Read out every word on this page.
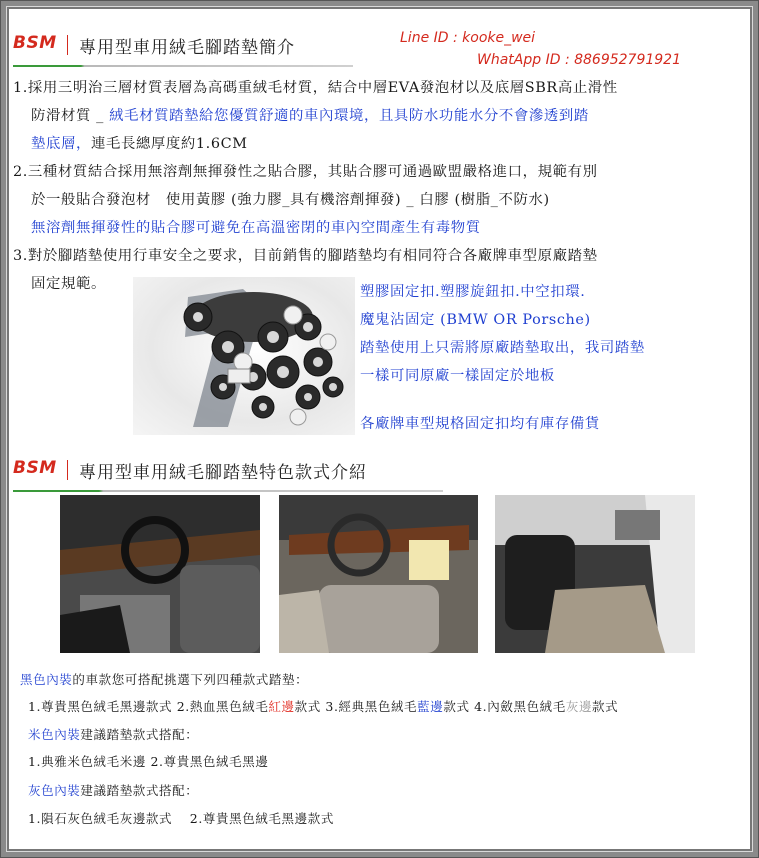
BSM 專用型車用絨毛腳踏墊簡介	Line ID : kooke_wei
WhatApp ID : 886952791921
1.採用三明治三層材質表層為高碼重絨毛材質，結合中層EVA發泡材以及底層SBR高止滑性
防滑材質 _ 絨毛材質踏墊給您優質舒適的車內環境，且具防水功能水分不會滲透到踏
墊底層，連毛長總厚度約1.6CM
2.三種材質結合採用無溶劑無揮發性之貼合膠，其貼合膠可通過歐盟嚴格進口，規範有別
於一般貼合發泡材　使用黃膠 (強力膠_具有機溶劑揮發) _ 白膠 (樹脂_不防水)
無溶劑無揮發性的貼合膠可避免在高溫密閉的車內空間產生有毒物質
3.對於腳踏墊使用行車安全之要求，目前銷售的腳踏墊均有相同符合各廠牌車型原廠踏墊
固定規範。	塑膠固定扣.塑膠旋鈕扣.中空扣環.
魔鬼沾固定 (BMW OR Porsche)
踏墊使用上只需將原廠踏墊取出，我司踏墊
一樣可同原廠一樣固定於地板
各廠牌車型規格固定扣均有庫存備貨
BSM 專用型車用絨毛腳踏墊特色款式介紹
黑色內裝的車款您可搭配挑選下列四種款式踏墊：
1.尊貴黑色絨毛黑邊款式 2.熱血黑色絨毛紅邊款式 3.經典黑色絨毛藍邊款式 4.內斂黑色絨毛灰邊款式
米色內裝建議踏墊款式搭配：
1.典雅米色絨毛米邊 2.尊貴黑色絨毛黑邊
灰色內裝建議踏墊款式搭配：
1.隕石灰色絨毛灰邊款式　 2.尊貴黑色絨毛黑邊款式
